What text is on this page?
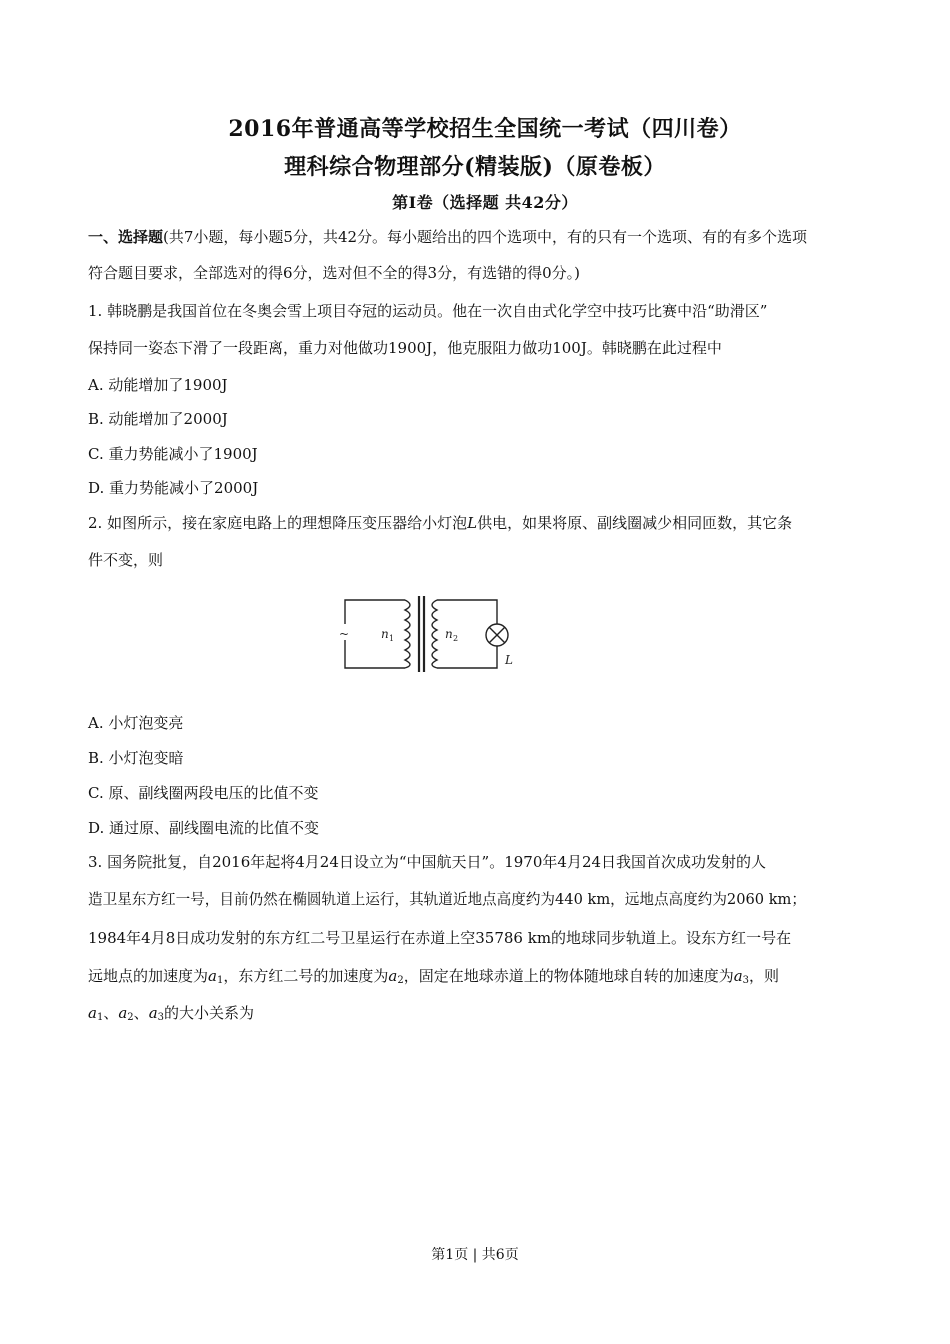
2016年普通高等学校招生全国统一考试（四川卷）
理科综合物理部分(精装版)（原卷板）
第I卷（选择题 共42分）
一、选择题(共7小题，每小题5分，共42分。每小题给出的四个选项中，有的只有一个选项、有的有多个选项
符合题目要求，全部选对的得6分，选对但不全的得3分，有选错的得0分。)
1. 韩晓鹏是我国首位在冬奥会雪上项目夺冠的运动员。他在一次自由式化学空中技巧比赛中沿“助滑区”
保持同一姿态下滑了一段距离，重力对他做功1900J，他克服阻力做功100J。韩晓鹏在此过程中
A. 动能增加了1900J
B. 动能增加了2000J
C. 重力势能减小了1900J
D. 重力势能减小了2000J
2. 如图所示，接在家庭电路上的理想降压变压器给小灯泡L供电，如果将原、副线圈减少相同匝数，其它条
件不变，则
~	n 1	n 2
L
A. 小灯泡变亮
B. 小灯泡变暗
C. 原、副线圈两段电压的比值不变
D. 通过原、副线圈电流的比值不变
3. 国务院批复，自2016年起将4月24日设立为“中国航天日”。1970年4月24日我国首次成功发射的人
造卫星东方红一号，目前仍然在椭圆轨道上运行，其轨道近地点高度约为440 km，远地点高度约为2060 km；
1984年4月8日成功发射的东方红二号卫星运行在赤道上空35786 km的地球同步轨道上。设东方红一号在
远地点的加速度为$a_1$，东方红二号的加速度为$a_2$，固定在地球赤道上的物体随地球自转的加速度为$a_3$，则
$a_1$、$a_2$、$a_3$的大小关系为
第1页 | 共6页
